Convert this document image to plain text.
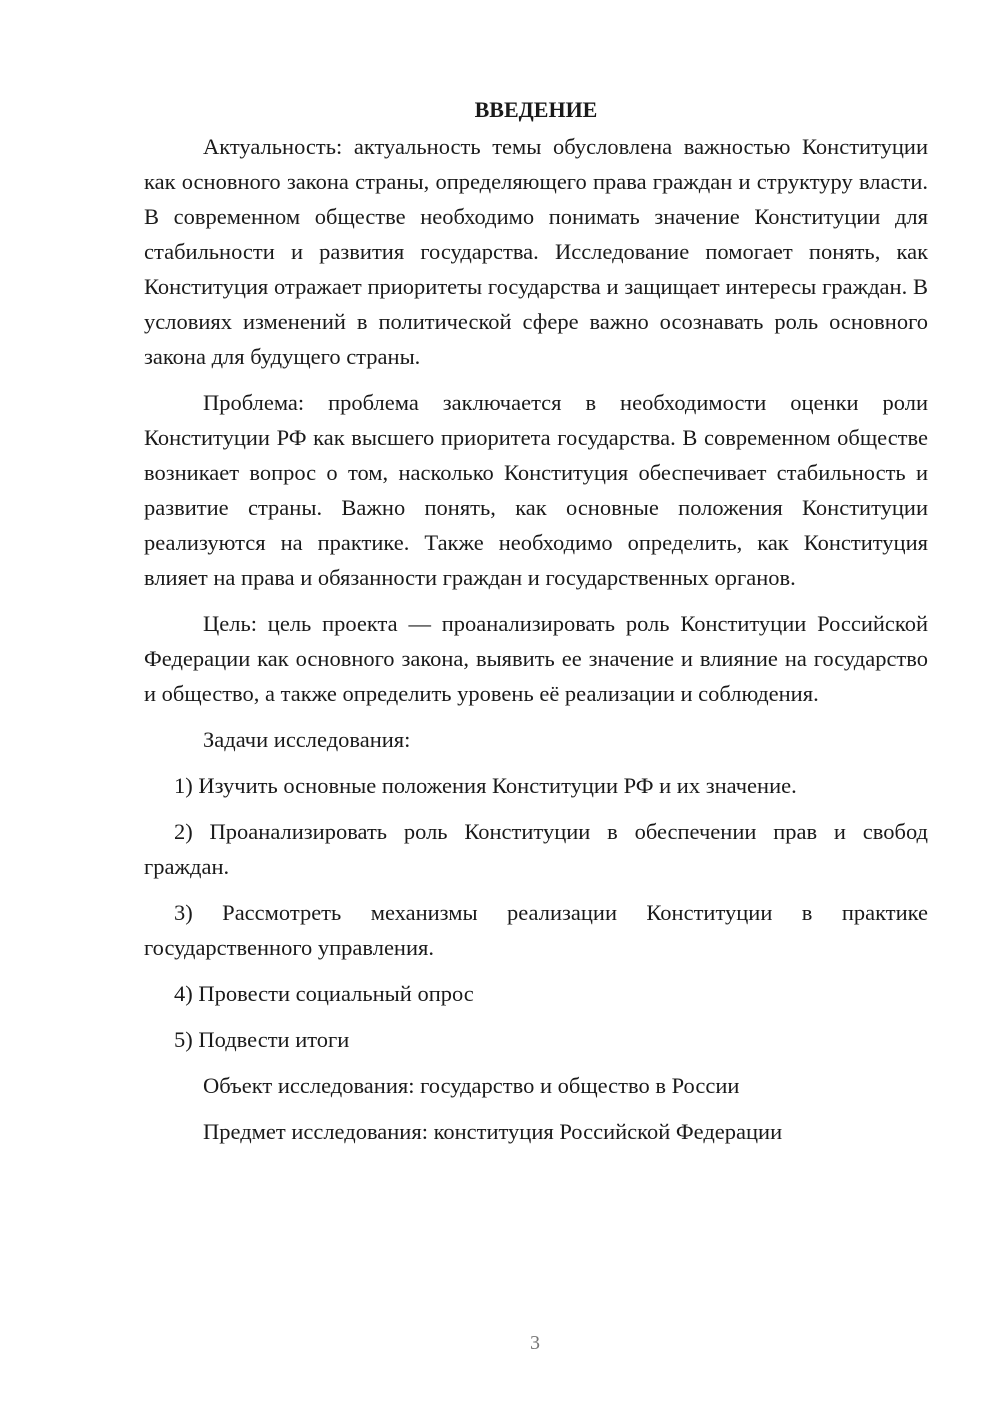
ВВЕДЕНИЕ
Актуальность: актуальность темы обусловлена важностью Конституции как основного закона страны, определяющего права граждан и структуру власти. В современном обществе необходимо понимать значение Конституции для стабильности и развития государства. Исследование помогает понять, как Конституция отражает приоритеты государства и защищает интересы граждан. В условиях изменений в политической сфере важно осознавать роль основного закона для будущего страны.
Проблема: проблема заключается в необходимости оценки роли Конституции РФ как высшего приоритета государства. В современном обществе возникает вопрос о том, насколько Конституция обеспечивает стабильность и развитие страны. Важно понять, как основные положения Конституции реализуются на практике. Также необходимо определить, как Конституция влияет на права и обязанности граждан и государственных органов.
Цель: цель проекта — проанализировать роль Конституции Российской Федерации как основного закона, выявить ее значение и влияние на государство и общество, а также определить уровень её реализации и соблюдения.
Задачи исследования:
1) Изучить основные положения Конституции РФ и их значение.
2) Проанализировать роль Конституции в обеспечении прав и свобод граждан.
3) Рассмотреть механизмы реализации Конституции в практике государственного управления.
4) Провести социальный опрос
5) Подвести итоги
Объект исследования: государство и общество в России
Предмет исследования: конституция Российской Федерации
3
